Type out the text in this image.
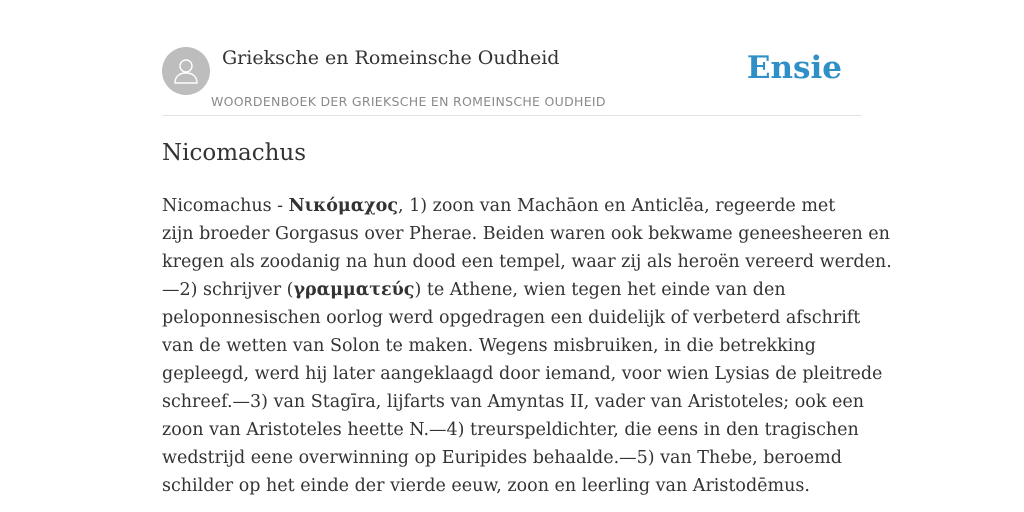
Grieksche en Romeinsche Oudheid
WOORDENBOEK DER GRIEKSCHE EN ROMEINSCHE OUDHEID
Ensie
Nicomachus
Nicomachus - Νικόμαχος, 1) zoon van Machāon en Anticlēa, regeerde met
zijn broeder Gorgasus over Pherae. Beiden waren ook bekwame geneesheeren en
kregen als zoodanig na hun dood een tempel, waar zij als heroën vereerd werden.
—2) schrijver (γραμματεύς) te Athene, wien tegen het einde van den
peloponnesischen oorlog werd opgedragen een duidelijk of verbeterd afschrift
van de wetten van Solon te maken. Wegens misbruiken, in die betrekking
gepleegd, werd hij later aangeklaagd door iemand, voor wien Lysias de pleitrede
schreef.—3) van Stagīra, lijfarts van Amyntas II, vader van Aristoteles; ook een
zoon van Aristoteles heette N.—4) treurspeldichter, die eens in den tragischen
wedstrijd eene overwinning op Euripides behaalde.—5) van Thebe, beroemd
schilder op het einde der vierde eeuw, zoon en leerling van Aristodēmus.
